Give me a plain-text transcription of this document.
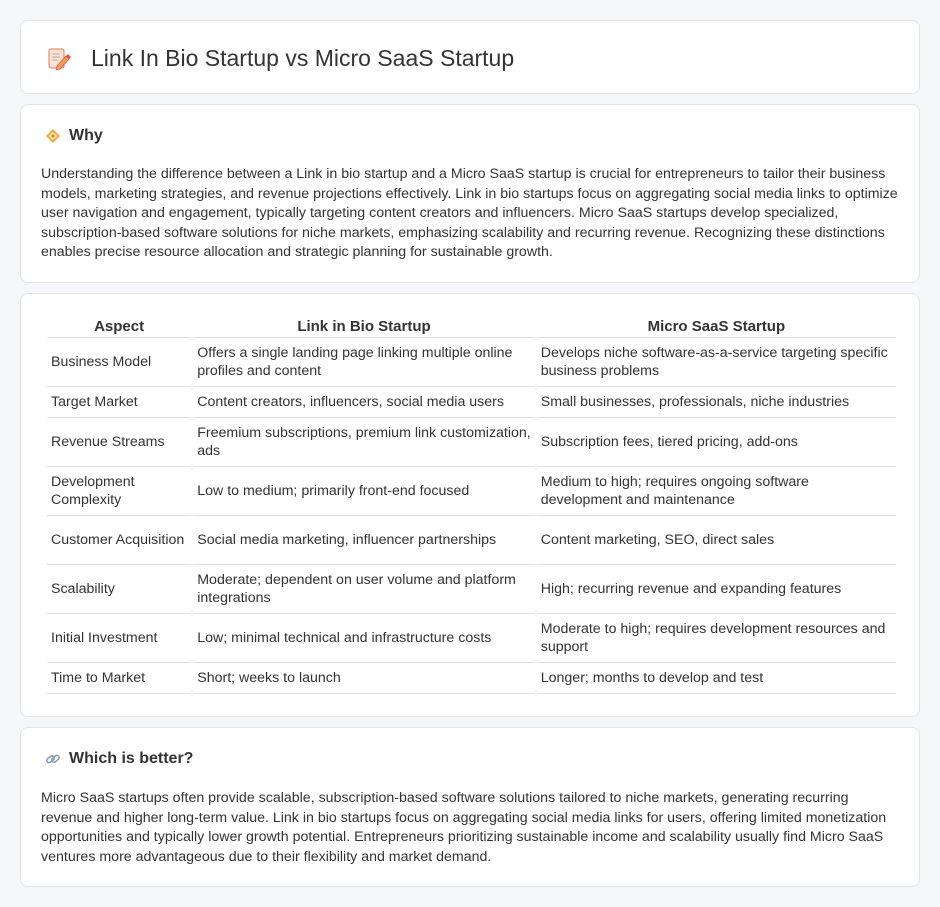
Link In Bio Startup vs Micro SaaS Startup
Why

Understanding the difference between a Link in bio startup and a Micro SaaS startup is crucial for entrepreneurs to tailor their business models, marketing strategies, and revenue projections effectively. Link in bio startups focus on aggregating social media links to optimize user navigation and engagement, typically targeting content creators and influencers. Micro SaaS startups develop specialized, subscription-based software solutions for niche markets, emphasizing scalability and recurring revenue. Recognizing these distinctions enables precise resource allocation and strategic planning for sustainable growth.

Aspect	Link in Bio Startup	Micro SaaS Startup
Business Model	Offers a single landing page linking multiple online profiles and content	Develops niche software-as-a-service targeting specific business problems
Target Market	Content creators, influencers, social media users	Small businesses, professionals, niche industries
Revenue Streams	Freemium subscriptions, premium link customization, ads	Subscription fees, tiered pricing, add-ons
Development Complexity	Low to medium; primarily front-end focused	Medium to high; requires ongoing software development and maintenance
Customer Acquisition	Social media marketing, influencer partnerships	Content marketing, SEO, direct sales
Scalability	Moderate; dependent on user volume and platform integrations	High; recurring revenue and expanding features
Initial Investment	Low; minimal technical and infrastructure costs	Moderate to high; requires development resources and support
Time to Market	Short; weeks to launch	Longer; months to develop and test
Which is better?

Micro SaaS startups often provide scalable, subscription-based software solutions tailored to niche markets, generating recurring revenue and higher long-term value. Link in bio startups focus on aggregating social media links for users, offering limited monetization opportunities and typically lower growth potential. Entrepreneurs prioritizing sustainable income and scalability usually find Micro SaaS ventures more advantageous due to their flexibility and market demand.
